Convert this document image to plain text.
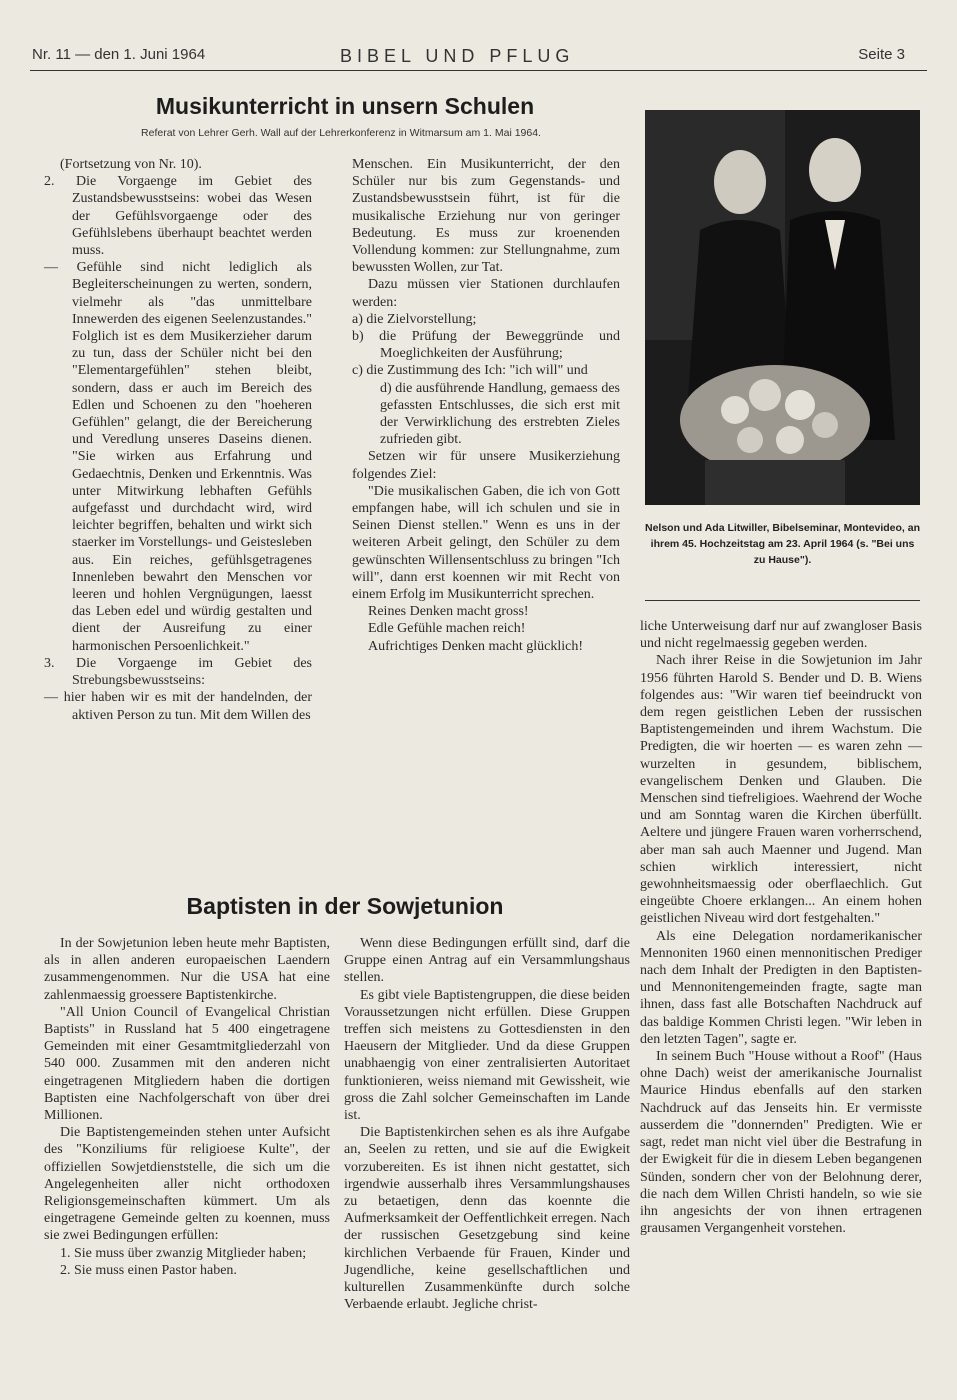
Nr. 11 — den 1. Juni 1964	BIBEL UND PFLUG	Seite 3
Musikunterricht in unsern Schulen
Referat von Lehrer Gerh. Wall auf der Lehrerkonferenz in Witmarsum am 1. Mai 1964.

(Fortsetzung von Nr. 10).

2. Die Vorgaenge im Gebiet des Zustandsbewusstseins: wobei das Wesen der Gefühlsvorgaenge oder des Gefühlslebens überhaupt beachtet werden muss.

— Gefühle sind nicht lediglich als Begleiterscheinungen zu werten, sondern, vielmehr als "das unmittelbare Innewerden des eigenen Seelenzustandes." Folglich ist es dem Musikerzieher darum zu tun, dass der Schüler nicht bei den "Elementargefühlen" stehen bleibt, sondern, dass er auch im Bereich des Edlen und Schoenen zu den "hoeheren Gefühlen" gelangt, die der Bereicherung und Veredlung unseres Daseins dienen. "Sie wirken aus Erfahrung und Gedaechtnis, Denken und Erkenntnis. Was unter Mitwirkung lebhaften Gefühls aufgefasst und durchdacht wird, wird leichter begriffen, behalten und wirkt sich staerker im Vorstellungs- und Geistesleben aus. Ein reiches, gefühlsgetragenes Innenleben bewahrt den Menschen vor leeren und hohlen Vergnügungen, laesst das Leben edel und würdig gestalten und dient der Ausreifung zu einer harmonischen Persoenlichkeit."

3. Die Vorgaenge im Gebiet des Strebungsbewusstseins:

— hier haben wir es mit der handelnden, der aktiven Person zu tun. Mit dem Willen des

Menschen. Ein Musikunterricht, der den Schüler nur bis zum Gegenstands- und Zustandsbewusstsein führt, ist für die musikalische Erziehung nur von geringer Bedeutung. Es muss zur kroenenden Vollendung kommen: zur Stellungnahme, zum bewussten Wollen, zur Tat.

Dazu müssen vier Stationen durchlaufen werden:

a) die Zielvorstellung;

b) die Prüfung der Beweggründe und Moeglichkeiten der Ausführung;

c) die Zustimmung des Ich: "ich will" und

d) die ausführende Handlung, gemaess des gefassten Entschlusses, die sich erst mit der Verwirklichung des erstrebten Zieles zufrieden gibt.

Setzen wir für unsere Musikerziehung folgendes Ziel:

"Die musikalischen Gaben, die ich von Gott empfangen habe, will ich schulen und sie in Seinen Dienst stellen." Wenn es uns in der weiteren Arbeit gelingt, den Schüler zu dem gewünschten Willensentschluss zu bringen "Ich will", dann erst koennen wir mit Recht von einem Erfolg im Musikunterricht sprechen.

Reines Denken macht gross!

Edle Gefühle machen reich!

Aufrichtiges Denken macht glücklich!

Nelson und Ada Litwiller, Bibelseminar, Montevideo, an ihrem 45. Hochzeitstag am 23. April 1964 (s. "Bei uns zu Hause").

liche Unterweisung darf nur auf zwangloser Basis und nicht regelmaessig gegeben werden.

Nach ihrer Reise in die Sowjetunion im Jahr 1956 führten Harold S. Bender und D. B. Wiens folgendes aus: "Wir waren tief beeindruckt von dem regen geistlichen Leben der russischen Baptistengemeinden und ihrem Wachstum. Die Predigten, die wir hoerten — es waren zehn — wurzelten in gesundem, biblischem, evangelischem Denken und Glauben. Die Menschen sind tiefreligioes. Waehrend der Woche und am Sonntag waren die Kirchen überfüllt. Aeltere und jüngere Frauen waren vorherrschend, aber man sah auch Maenner und Jugend. Man schien wirklich interessiert, nicht gewohnheitsmaessig oder oberflaechlich. Gut eingeübte Choere erklangen... An einem hohen geistlichen Niveau wird dort festgehalten."

Als eine Delegation nordamerikanischer Mennoniten 1960 einen mennonitischen Prediger nach dem Inhalt der Predigten in den Baptisten- und Mennonitengemeinden fragte, sagte man ihnen, dass fast alle Botschaften Nachdruck auf das baldige Kommen Christi legen. "Wir leben in den letzten Tagen", sagte er.

In seinem Buch "House without a Roof" (Haus ohne Dach) weist der amerikanische Journalist Maurice Hindus ebenfalls auf den starken Nachdruck auf das Jenseits hin. Er vermisste ausserdem die "donnernden" Predigten. Wie er sagt, redet man nicht viel über die Bestrafung in der Ewigkeit für die in diesem Leben begangenen Sünden, sondern cher von der Belohnung derer, die nach dem Willen Christi handeln, so wie sie ihn angesichts der von ihnen ertragenen grausamen Vergangenheit vorstehen.

Baptisten in der Sowjetunion

In der Sowjetunion leben heute mehr Baptisten, als in allen anderen europaeischen Laendern zusammengenommen. Nur die USA hat eine zahlenmaessig groessere Baptistenkirche.

"All Union Council of Evangelical Christian Baptists" in Russland hat 5 400 eingetragene Gemeinden mit einer Gesamtmitgliederzahl von 540 000. Zusammen mit den anderen nicht eingetragenen Mitgliedern haben die dortigen Baptisten eine Nachfolgerschaft von über drei Millionen.

Die Baptistengemeinden stehen unter Aufsicht des "Konziliums für religioese Kulte", der offiziellen Sowjetdienststelle, die sich um die Angelegenheiten aller nicht orthodoxen Religionsgemeinschaften kümmert. Um als eingetragene Gemeinde gelten zu koennen, muss sie zwei Bedingungen erfüllen:

1. Sie muss über zwanzig Mitglieder haben;

2. Sie muss einen Pastor haben.

Wenn diese Bedingungen erfüllt sind, darf die Gruppe einen Antrag auf ein Versammlungshaus stellen.

Es gibt viele Baptistengruppen, die diese beiden Voraussetzungen nicht erfüllen. Diese Gruppen treffen sich meistens zu Gottesdiensten in den Haeusern der Mitglieder. Und da diese Gruppen unabhaengig von einer zentralisierten Autoritaet funktionieren, weiss niemand mit Gewissheit, wie gross die Zahl solcher Gemeinschaften im Lande ist.

Die Baptistenkirchen sehen es als ihre Aufgabe an, Seelen zu retten, und sie auf die Ewigkeit vorzubereiten. Es ist ihnen nicht gestattet, sich irgendwie ausserhalb ihres Versammlungshauses zu betaetigen, denn das koennte die Aufmerksamkeit der Oeffentlichkeit erregen. Nach der russischen Gesetzgebung sind keine kirchlichen Verbaende für Frauen, Kinder und Jugendliche, keine gesellschaftlichen und kulturellen Zusammenkünfte durch solche Verbaende erlaubt. Jegliche christ-
